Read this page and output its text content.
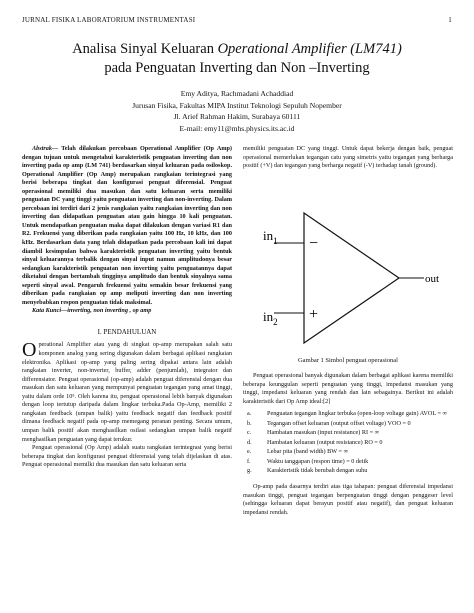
JURNAL FISIKA LABORATORIUM INSTRUMENTASI	1
Analisa Sinyal Keluaran Operational Amplifier (LM741)
pada Penguatan Inverting dan Non –Inverting
Emy Aditya, Rachmadani Achaddiad
Jurusan Fisika, Fakultas MIPA Institut Teknologi Sepuluh Nopember
Jl. Arief Rahman Hakim, Surabaya 60111
E-mail: emy11@mhs.physics.its.ac.id
Abstrak— Telah dilakukan percobaan Operational Amplifier (Op Amp) dengan tujuan untuk mengetahui karakteristik penguatan inverting dan non inverting pada op amp (LM 741) berdasarkan sinyal keluaran pada osiloskop. Operational Amplifier (Op Amp) merupakan rangkaian terintegrasi yang berisi beberapa tingkat dan konfigurasi penguat diferensial. Penguat operasional memiliki dua masukan dan satu keluaran serta memiliki penguatan DC yang tinggi yaitu penguatan inverting dan non-inverting. Dalam percobaan ini terdiri dari 2 jenis rangkaian yaitu rangkaian inverting dan non inverting dan didapatkan penguatan atau gain hingga 10 kali penguatan. Untuk mendapatkan penguatan maka dapat dilakukan dengan variasi R1 dan R2. Frekuensi yang diberikan pada rangkaian yaitu 100 Hz, 10 kHz, dan 100 kHz. Berdasarkan data yang telah didapatkan pada percobaan kali ini dapat diambil kesimpulan bahwa karakteristik penguatan inverting yaitu bentuk sinyal keluarannya terbalik dengan sinyal input namun amplitudonya besar sedangkan karakteristik penguatan non inverting yaitu penguatannya dapat diketahui dengan bertambah tingginya amplitudo dan bentuk sinyalnya sama seperti sinyal awal. Pengaruh frekuensi yaitu semakin besar frekuensi yang diberikan pada rangkaian op amp meliputi inverting dan non inverting menyebabkan respon penguatan tidak maksimal.
Kata Kunci—inverting, non inverting , op amp
I. PENDAHULUAN
Operational Amplifier atau yang di singkat op-amp merupakan salah satu komponen analog yang sering digunakan dalam berbagai aplikasi rangkaian elektronika. Aplikasi op-amp yang paling sering dipakai antara lain adalah rangkaian inverter, non-inverter, buffer, adder (penjumlah), integrator dan differensiator. Penguat operasional (op-amp) adalah penguat diferensial dengan dua masukan dan satu keluaran yang mempunyai penguatan tegangan yang amat tinggi, yaitu dalam orde 10⁵. Oleh karena itu, penguat operasional lebih banyak digunakan dengan loop tertutup daripada dalam lingkar terbuka.Pada Op-Amp, memiliki 2 rangkaian feedback (umpan balik) yaitu feedback negatif dan feedback positif dimana feedback negatif pada op-amp memegang peranan penting. Secara umum, umpan balik positif akan menghasilkan osilasi sedangkan umpan balik negatif menghasilkan penguatan yang dapat terukur.

Penguat operasional (Op Amp) adalah suatu rangkaian terintegrasi yang berisi beberapa tingkat dan konfigurasi penguat diferensial yang telah dijelaskan di atas. Penguat operasional memilki dua masukan dan satu keluaran serta

memiliki penguatan DC yang tinggi. Untuk dapat bekerja dengan baik, penguat operasional memerlukan tegangan catu yang simetris yaitu tegangan yang berharga positif (+V) dan tegangan yang berharga negatif (-V) terhadap tanah (ground).
$in_1$
$in_2$
−
+
out
Gambar 1 Simbol penguat operasional

Penguat operasional banyak digunakan dalam berbagai aplikasi karena memiliki beberapa keunggulan seperti penguatan yang tinggi, impedansi masukan yang tinggi, impedansi keluaran yang rendah dan lain sebagainya. Berikut ini adalah karakteristik dari Op Amp ideal:[2]

a.	Penguatan tegangan lingkar terbuka (open-loop voltage gain) AVOL = ∞
b. Tegangan offset keluaran (output offset voltage) VOO = 0
c.	Hambatan masukan (input resistance) RI = ∞
d. Hambatan keluaran (output resistance) RO = 0
e.	Lebar pita (band width) BW = ∞
f.	Waktu tanggapan (respon time) = 0 detik
g. Karakteristik tidak berubah dengan suhu

Op-amp pada dasarnya terdiri atas tiga tahapan: penguat diferensial impedansi masukan tinggi, penguat tegangan berpenguatan tinggi dengan penggeser level (sehingga keluaran dapat berayun positif atau negatif), dan penguat keluaran impedansi rendah.
